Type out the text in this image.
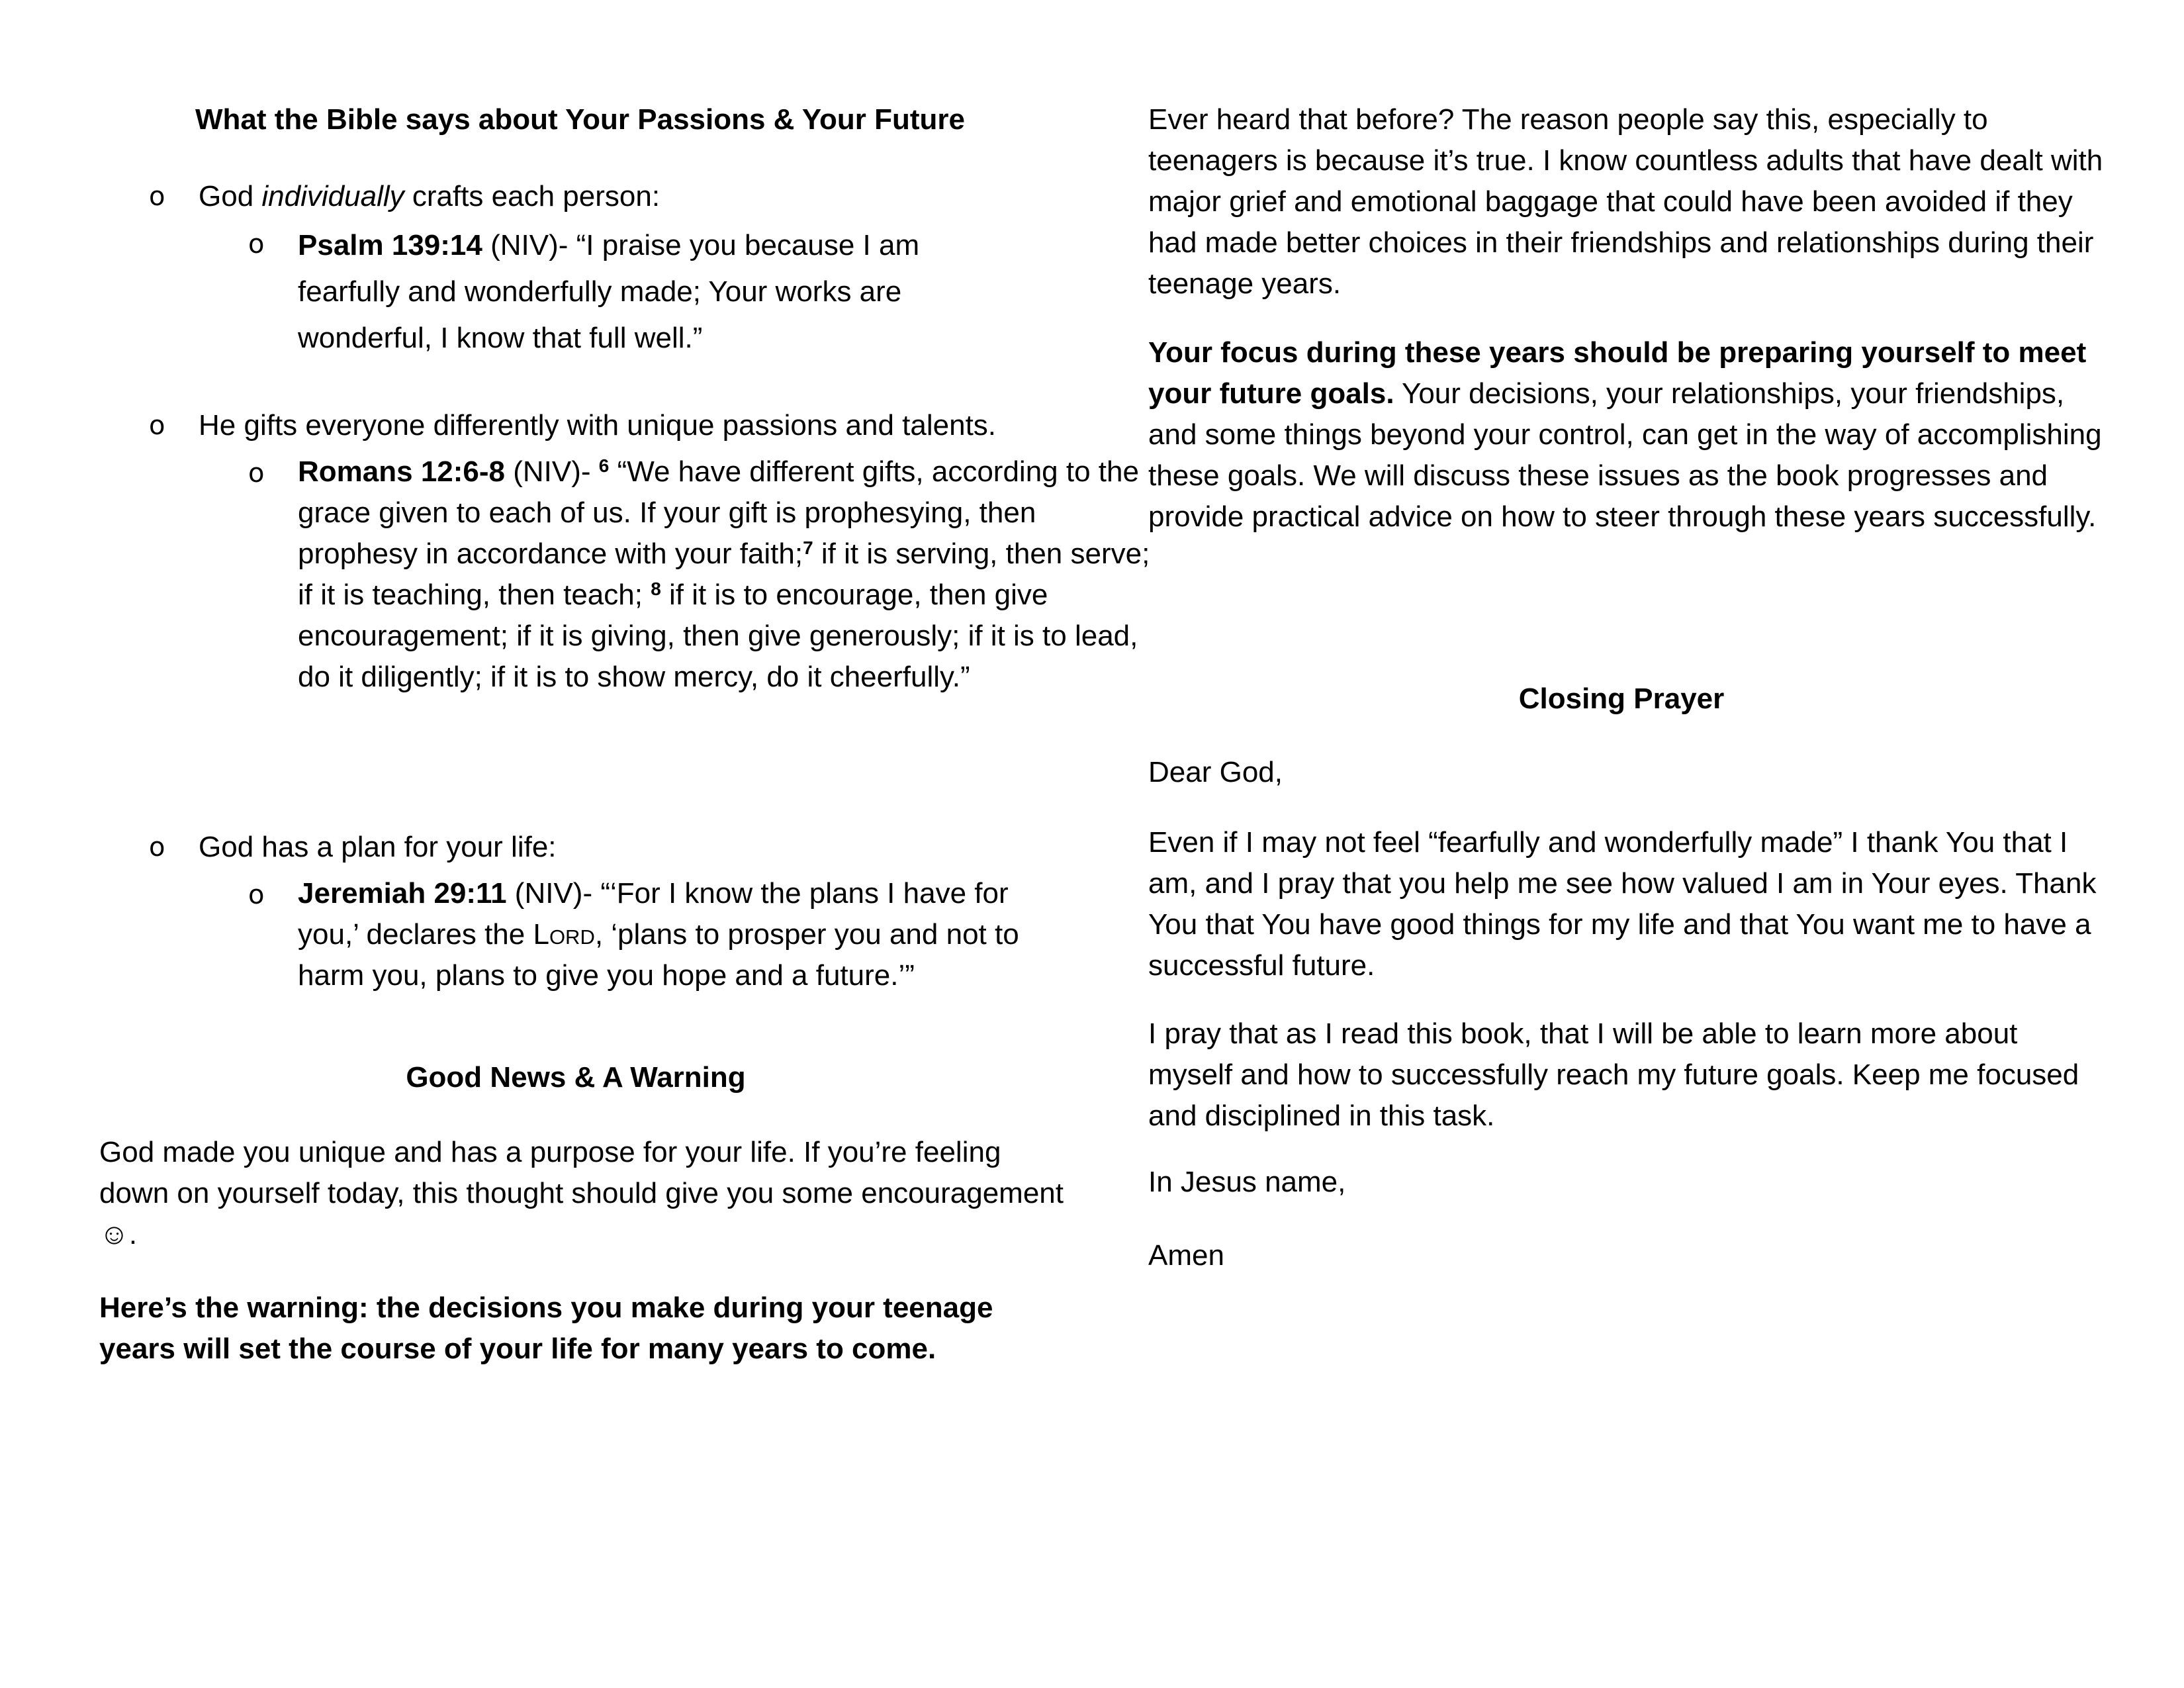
What the Bible says about Your Passions & Your Future
o God individually crafts each person:

o Psalm 139:14 (NIV)- “I praise you because I am fearfully and wonderfully made; Your works are wonderful, I know that full well.”

o He gifts everyone differently with unique passions and talents.

o Romans 12:6-8 (NIV)- $^6$ “We have different gifts, according to the grace given to each of us. If your gift is prophesying, then prophesy in accordance with your faith;$^7$ if it is serving, then serve; if it is teaching, then teach; $^8$ if it is to encourage, then give encouragement; if it is giving, then give generously; if it is to lead, do it diligently; if it is to show mercy, do it cheerfully.”

o God has a plan for your life:

o Jeremiah 29:11 (NIV)- “‘For I know the plans I have for you,’ declares the Lord, ‘plans to prosper you and not to harm you, plans to give you hope and a future.’”

Good News & A Warning

God made you unique and has a purpose for your life. If you’re feeling down on yourself today, this thought should give you some encouragement ☺.

Here’s the warning: the decisions you make during your teenage years will set the course of your life for many years to come.

Ever heard that before? The reason people say this, especially to teenagers is because it’s true. I know countless adults that have dealt with major grief and emotional baggage that could have been avoided if they had made better choices in their friendships and relationships during their teenage years.

Your focus during these years should be preparing yourself to meet your future goals. Your decisions, your relationships, your friendships, and some things beyond your control, can get in the way of accomplishing these goals. We will discuss these issues as the book progresses and provide practical advice on how to steer through these years successfully.

Closing Prayer

Dear God,

Even if I may not feel “fearfully and wonderfully made” I thank You that I am, and I pray that you help me see how valued I am in Your eyes. Thank You that You have good things for my life and that You want me to have a successful future.

I pray that as I read this book, that I will be able to learn more about myself and how to successfully reach my future goals. Keep me focused and disciplined in this task.

In Jesus name,

Amen
